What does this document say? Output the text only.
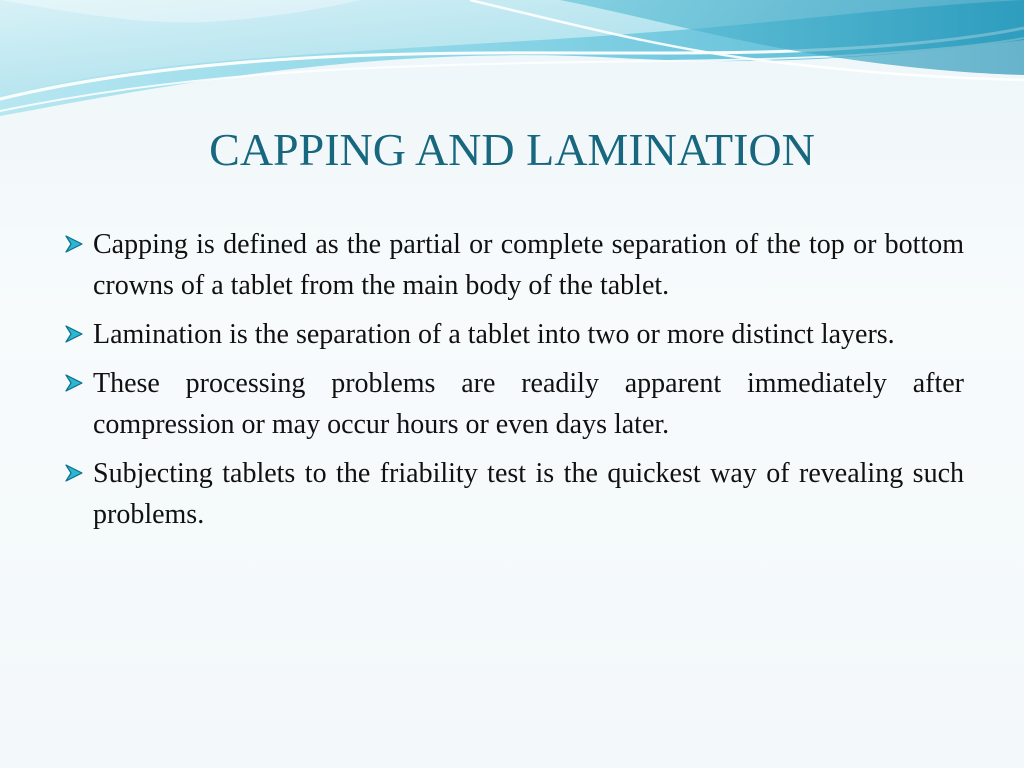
CAPPING AND LAMINATION
Capping is defined as the partial or complete separation of the top or bottom crowns of a tablet from the main body of the tablet.
Lamination is the separation of a tablet into two or more distinct layers.
These processing problems are readily apparent immediately after compression or may occur hours or even days later.
Subjecting tablets to the friability test is the quickest way of revealing such problems.
